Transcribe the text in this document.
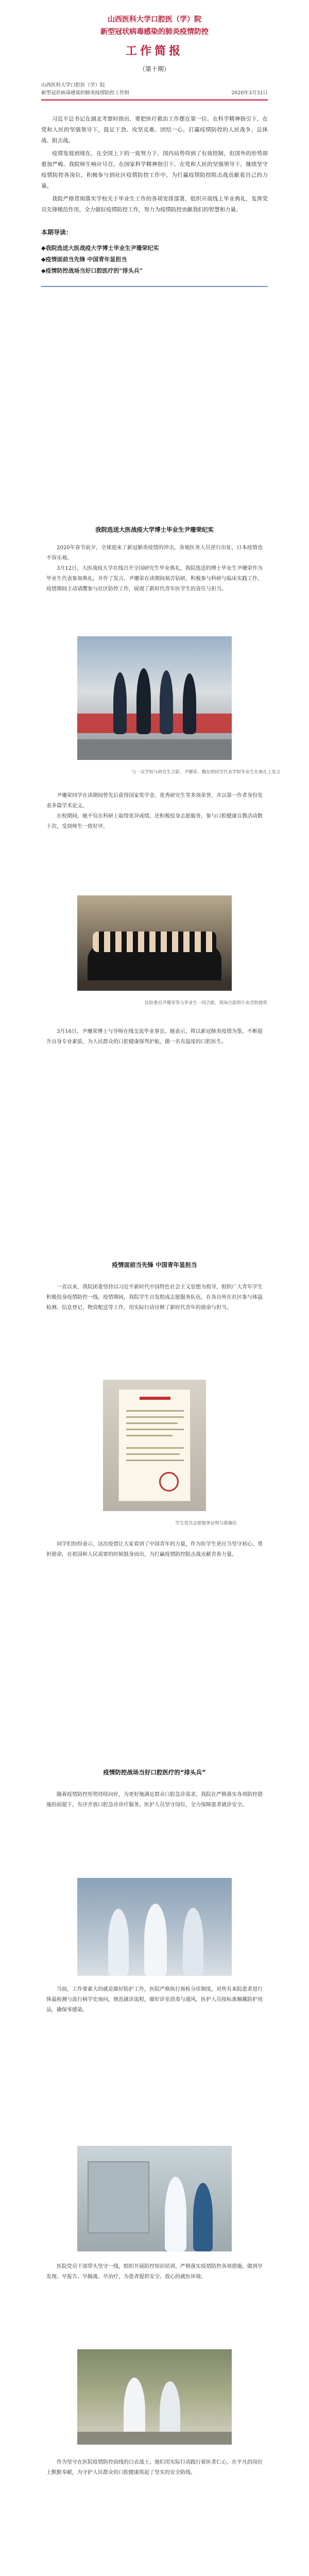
山西医科大学口腔医（学）院
新型冠状病毒感染的肺炎疫情防控
工作简报
（第十期）
山西医科大学口腔医（学）院
新型冠状病毒感染的肺炎疫情防控工作组	2020年3月31日

习近平总书记在湖北考察时指出，要把医疗救治工作摆在第一位。在科学精神指引下，在党和人民的坚强领导下，鼓足干劲、攻坚克难、团结一心，打赢疫情防控的人民战争、总体战、阻击战。

疫情发展到现在，在全国上下的一致努力下，国内局势得到了有效控制，但国外的形势却愈加严峻。我院师生响应号召，在国家科学精神指引下，在党和人民的坚强领导下，继续坚守疫情防控各岗位，积极参与到社区疫情防控工作中，为打赢疫情防控阻击战贡献着自己的力量。

我院严格贯彻落实学校关于毕业生工作的各项安排部署，组织开展线上毕业典礼，发挥党员先锋模范作用，全力做好疫情防控工作，努力为疫情防控贡献我们的智慧和力量。

本期导读：
◆我院选送大医战疫大学博士毕业生尹珊荣纪实
◆疫情面前当先锋 中国青年显担当
◆疫情防控战场当好口腔医疗的“排头兵”
我院选送大医战疫大学博士毕业生尹珊荣纪实

2020年春节前夕，全球迎来了新冠肺炎疫情的冲击，各地医务人员逆行出征，日本疫情也不容乐观。

3月12日，大医战疫大学在线召开全国研究生毕业典礼，我院选送的博士毕业生尹珊荣作为毕业生代表参加典礼，并作了发言。尹珊荣在读期间刻苦钻研，积极参与科研与临床实践工作，疫情期间主动请缨参与社区防控工作，展现了新时代青年医学生的责任与担当。

与一众学校与研究生合影，尹珊荣、魏东明同学代表学院毕业生在典礼上发言

尹珊荣同学在读期间曾先后获得国家奖学金、优秀研究生等多项荣誉，并以第一作者身份发表多篇学术论文。

在校期间，她不仅在科研上取得优异成绩，还积极投身志愿服务，参与口腔健康宣教活动数十次，受到师生一致好评。

民防委员尹珊荣等与毕业生一同合影，现场合影照片由学院提供

3月16日，尹珊荣博士与导师在线交流毕业事宜。她表示，将以新冠肺炎疫情为鉴，不断提升自身专业素质，为人民群众的口腔健康保驾护航，做一名有温度的口腔医生。

疫情面前当先锋 中国青年显担当

一直以来，我院团委坚持以习近平新时代中国特色社会主义思想为指导，组织广大青年学生积极投身疫情防控一线。疫情期间，我院学生自发组成志愿服务队伍，在各自所在社区参与体温检测、信息登记、物资配送等工作，用实际行动诠释了新时代青年的使命与担当。

学生党员志愿服务证明与感谢信

同学们纷纷表示，这次疫情让大家看到了中国青年的力量，作为医学生更应当坚守初心，勇担使命，在祖国和人民需要的时候挺身而出，为打赢疫情防控阻击战贡献青春力量。

疫情防控战场当好口腔医疗的“排头兵”

随着疫情防控形势持续向好，为更好地满足群众口腔急诊需求，我院在严格落实各项防控措施的前提下，有序开放口腔急诊诊疗服务，医护人员坚守岗位，全力保障患者就诊安全。

当前，工作要素大的就是做好防护工作，医院严格执行预检分诊制度，对所有来院患者进行体温检测与流行病学史询问，规范就诊流程，做好诊室消毒与通风，医护人员按标准佩戴防护用品，确保零感染。

医院党员干部带头坚守一线，组织开展防控知识培训，严格落实疫情防控各项措施，做到早发现、早报告、早隔离、早治疗，为患者提供安全、放心的就医环境。

作为坚守在医院疫情防控前线的白衣战士，他们用实际行动践行着医者仁心，在平凡的岗位上默默奉献，为守护人民群众的口腔健康筑起了坚实的安全防线。
